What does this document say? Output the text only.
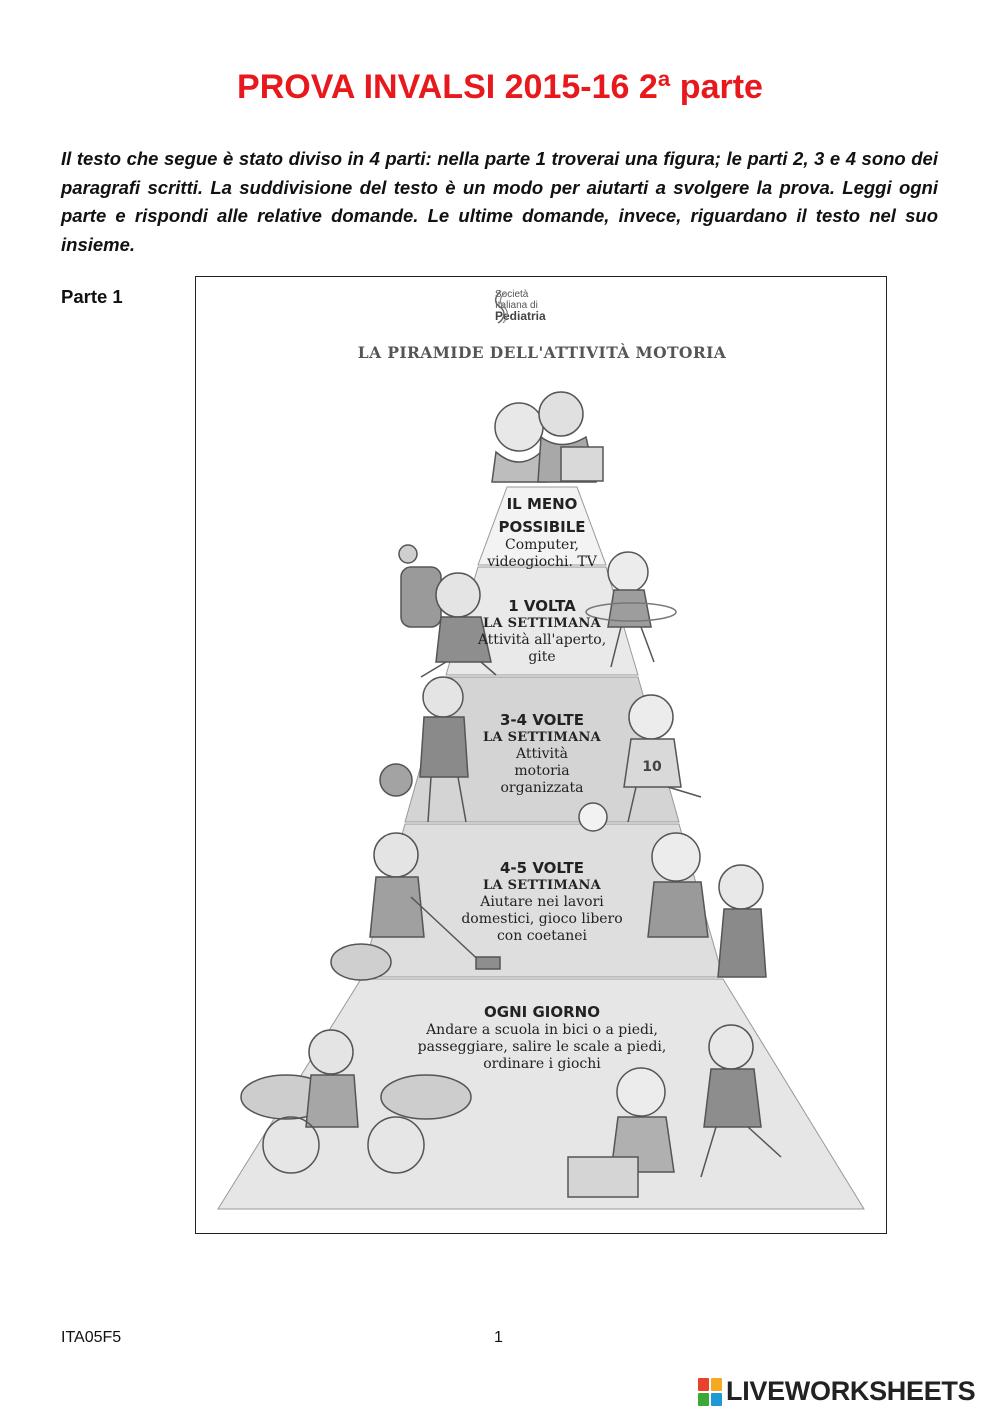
PROVA INVALSI 2015-16 2ª parte
Il testo che segue è stato diviso in 4 parti: nella parte 1 troverai una figura; le parti 2, 3 e 4 sono dei paragrafi scritti. La suddivisione del testo è un modo per aiutarti a svolgere la prova. Leggi ogni parte e rispondi alle relative domande. Le ultime domande, invece, riguardano il testo nel suo insieme.
Parte 1
10
Società
Italiana di
Pediatria
LA PIRAMIDE DELL'ATTIVITÀ MOTORIA
IL MENO
POSSIBILE
Computer,
videogiochi. TV
1 VOLTA
LA SETTIMANA
Attività all'aperto,
gite
3-4 VOLTE
LA SETTIMANA
Attività
motoria
organizzata
4-5 VOLTE
LA SETTIMANA
Aiutare nei lavori
domestici, gioco libero
con coetanei
OGNI GIORNO
Andare a scuola in bici o a piedi,
passeggiare, salire le scale a piedi,
ordinare i giochi
ITA05F5	1
LIVEWORKSHEETS
